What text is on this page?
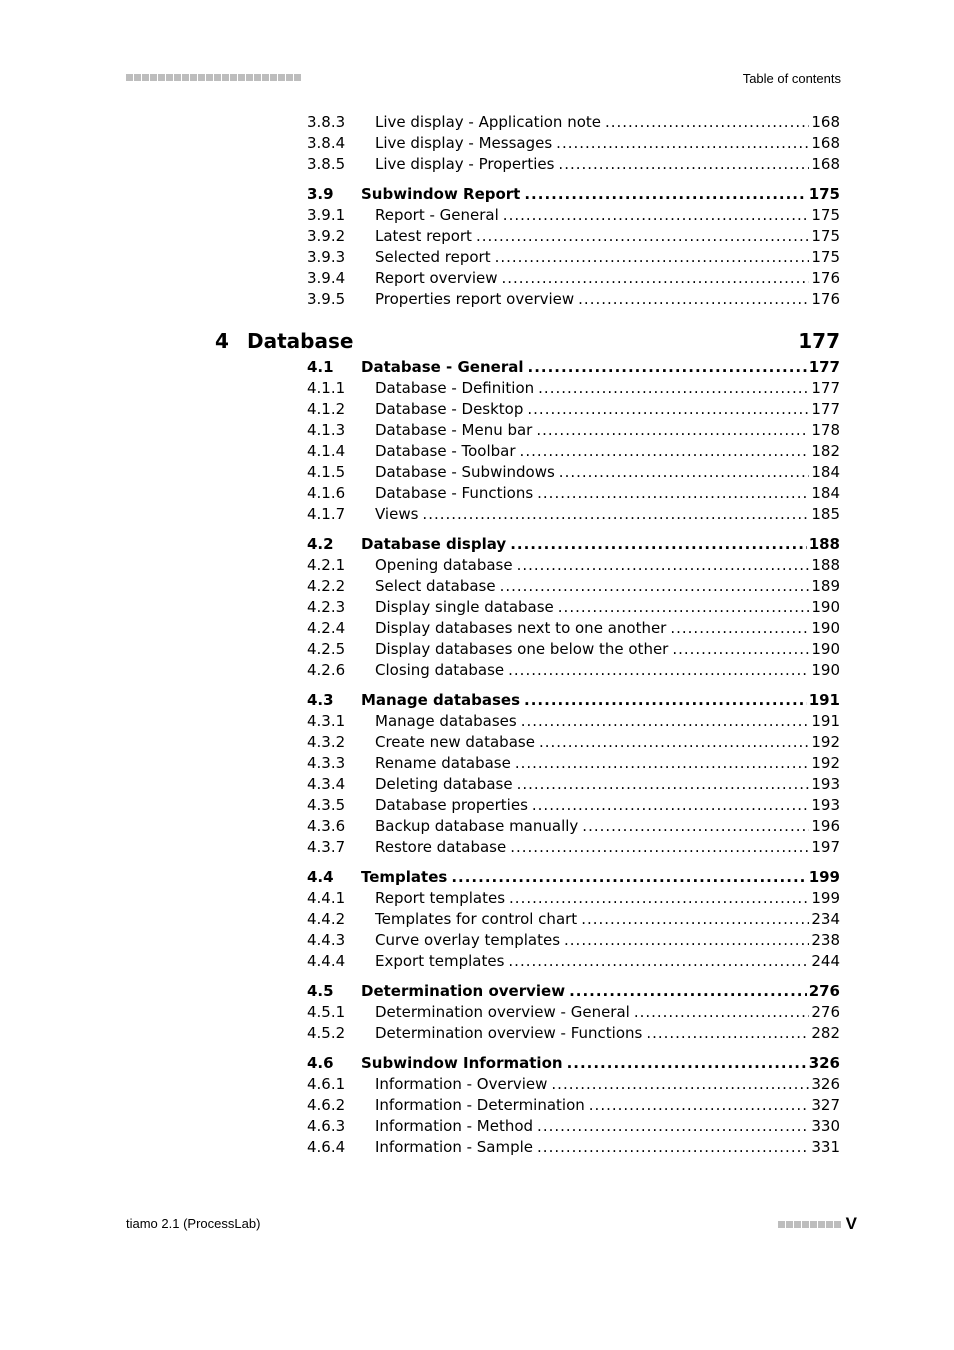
Table of contents
3.8.3 Live display - Application note .....	168
3.8.4 Live display - Messages .....	168
3.8.5 Live display - Properties .....	168
3.9 Subwindow Report .....	175
3.9.1 Report - General .....	175
3.9.2 Latest report .....	175
3.9.3 Selected report .....	175
3.9.4 Report overview .....	176
3.9.5 Properties report overview .....	176
4 Database	177
4.1 Database - General .....	177
4.1.1 Database - Definition .....	177
4.1.2 Database - Desktop .....	177
4.1.3 Database - Menu bar .....	178
4.1.4 Database - Toolbar .....	182
4.1.5 Database - Subwindows .....	184
4.1.6 Database - Functions .....	184
4.1.7 Views .....	185
4.2 Database display .....	188
4.2.1 Opening database .....	188
4.2.2 Select database .....	189
4.2.3 Display single database .....	190
4.2.4 Display databases next to one another .....	190
4.2.5 Display databases one below the other .....	190
4.2.6 Closing database .....	190
4.3 Manage databases .....	191
4.3.1 Manage databases .....	191
4.3.2 Create new database .....	192
4.3.3 Rename database .....	192
4.3.4 Deleting database .....	193
4.3.5 Database properties .....	193
4.3.6 Backup database manually .....	196
4.3.7 Restore database .....	197
4.4 Templates .....	199
4.4.1 Report templates .....	199
4.4.2 Templates for control chart .....	234
4.4.3 Curve overlay templates .....	238
4.4.4 Export templates .....	244
4.5 Determination overview .....	276
4.5.1 Determination overview - General .....	276
4.5.2 Determination overview - Functions .....	282
4.6 Subwindow Information .....	326
4.6.1 Information - Overview .....	326
4.6.2 Information - Determination .....	327
4.6.3 Information - Method .....	330
4.6.4 Information - Sample .....	331
tiamo 2.1 (ProcessLab)	V
